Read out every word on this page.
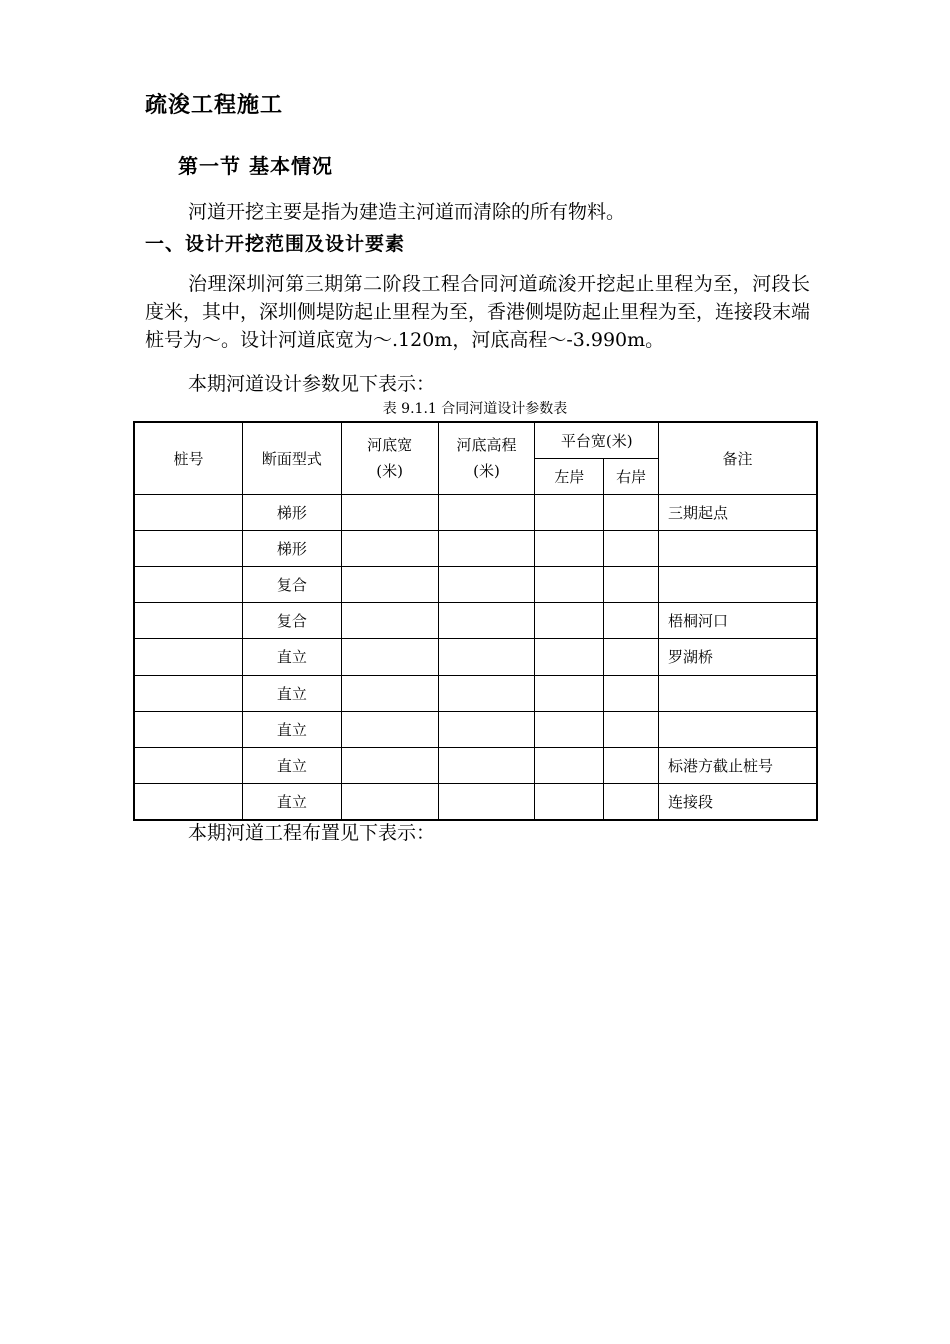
疏浚工程施工
第一节 基本情况
河道开挖主要是指为建造主河道而清除的所有物料。
一、设计开挖范围及设计要素
治理深圳河第三期第二阶段工程合同河道疏浚开挖起止里程为至，河段长度米，其中，深圳侧堤防起止里程为至，香港侧堤防起止里程为至，连接段末端桩号为～。设计河道底宽为～.120m，河底高程～-3.990m。
本期河道设计参数见下表示：
表 9.1.1 合同河道设计参数表
桩号	断面型式	河底宽(米)	河底高程(米)	平台宽(米)		备注
				左岸	右岸	
	梯形					三期起点
	梯形					
	复合					
	复合					梧桐河口
	直立					罗湖桥
	直立					
	直立					
	直立					标港方截止桩号
	直立					连接段
本期河道工程布置见下表示：
